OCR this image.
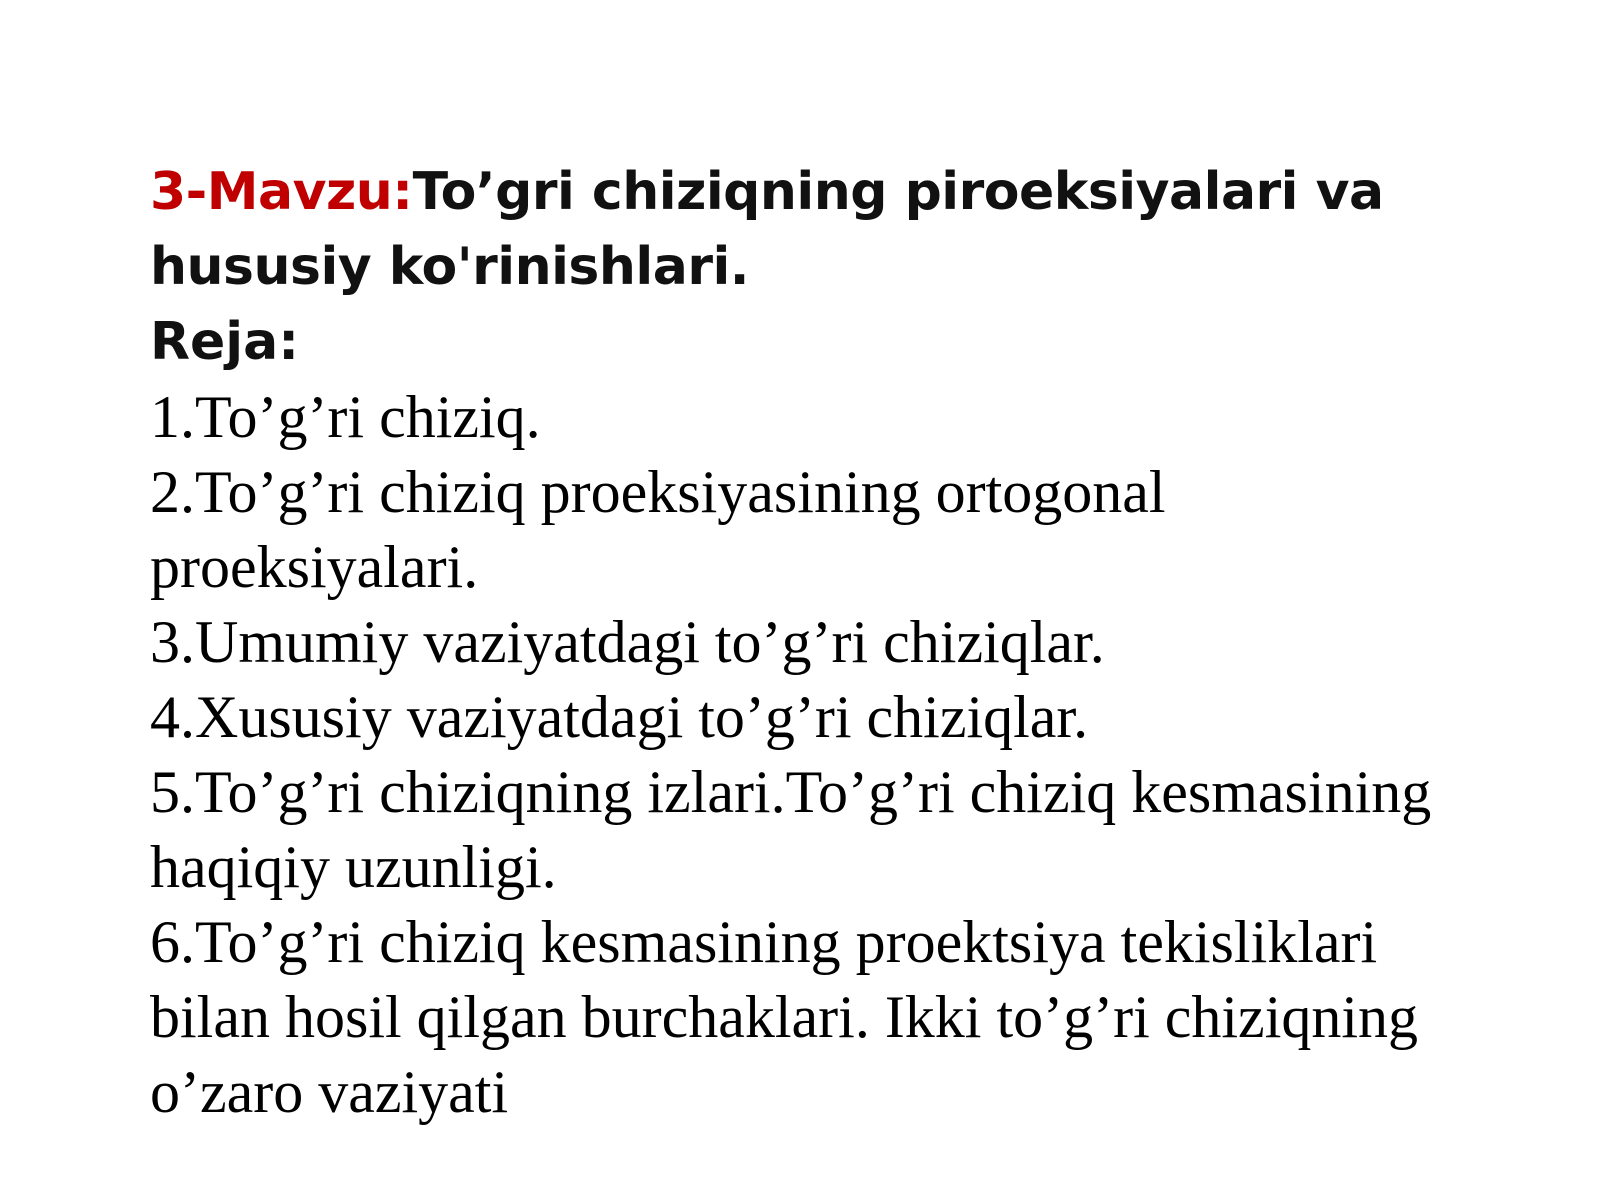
3-Mavzu:To’gri chiziqning piroeksiyalari va hususiy ko'rinishlari.

Reja:

1.To’g’ri chiziq.
2.To’g’ri chiziq proeksiyasining ortogonal proeksiyalari.
3.Umumiy vaziyatdagi to’g’ri chiziqlar.
4.Xususiy vaziyatdagi to’g’ri chiziqlar.
5.To’g’ri chiziqning izlari.To’g’ri chiziq kesmasining haqiqiy uzunligi.
6.To’g’ri chiziq kesmasining proektsiya tekisliklari bilan hosil qilgan burchaklari. Ikki to’g’ri chiziqning o’zaro vaziyati
